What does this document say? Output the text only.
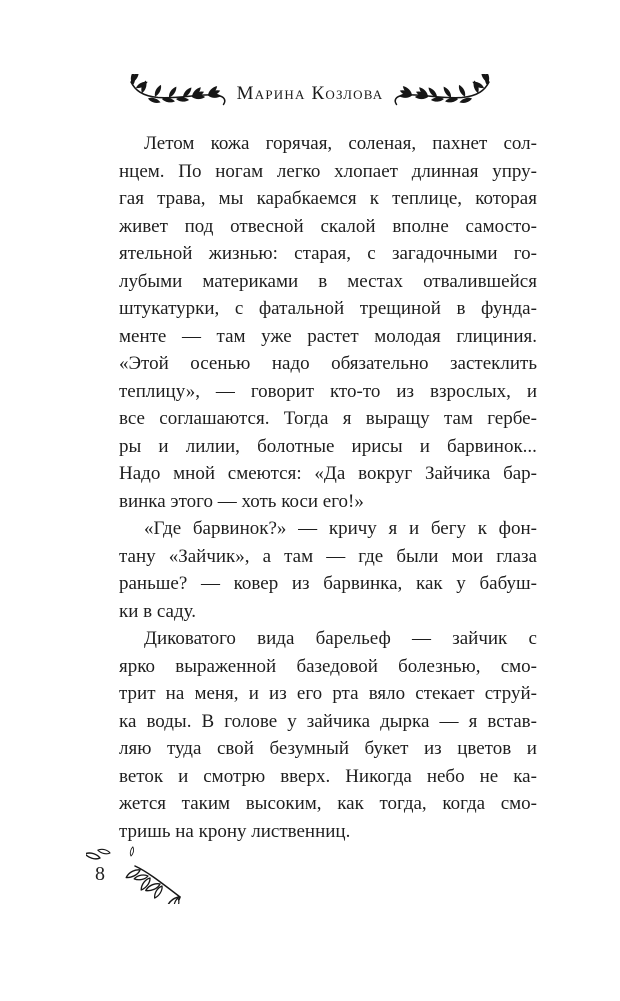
Марина Козлова
Летом кожа горячая, соленая, пахнет сол-
нцем. По ногам легко хлопает длинная упру-
гая трава, мы карабкаемся к теплице, которая
живет под отвесной скалой вполне самосто-
ятельной жизнью: старая, с загадочными го-
лубыми материками в местах отвалившейся
штукатурки, с фатальной трещиной в фунда-
менте — там уже растет молодая глициния.
«Этой осенью надо обязательно застеклить
теплицу», — говорит кто-то из взрослых, и
все соглашаются. Тогда я выращу там гербе-
ры и лилии, болотные ирисы и барвинок...
Надо мной смеются: «Да вокруг Зайчика бар-
винка этого — хоть коси его!»
«Где барвинок?» — кричу я и бегу к фон-
тану «Зайчик», а там — где были мои глаза
раньше? — ковер из барвинка, как у бабуш-
ки в саду.
Диковатого вида барельеф — зайчик с
ярко выраженной базедовой болезнью, смо-
трит на меня, и из его рта вяло стекает струй-
ка воды. В голове у зайчика дырка — я встав-
ляю туда свой безумный букет из цветов и
веток и смотрю вверх. Никогда небо не ка-
жется таким высоким, как тогда, когда смо-
тришь на крону лиственниц.
8
